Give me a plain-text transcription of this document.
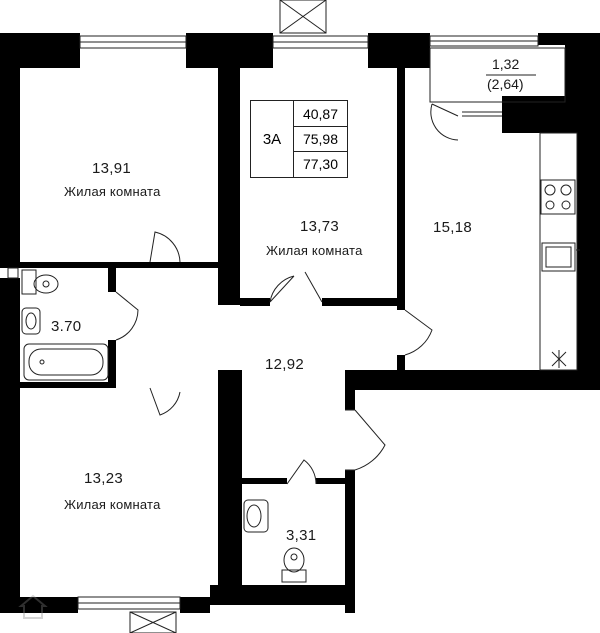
3А
40,87
75,98
77,30
13,91
Жилая комната
13,73
Жилая комната
13,23
Жилая комната
15,18
12,92
3.70
3,31
1,32
(2,64)
